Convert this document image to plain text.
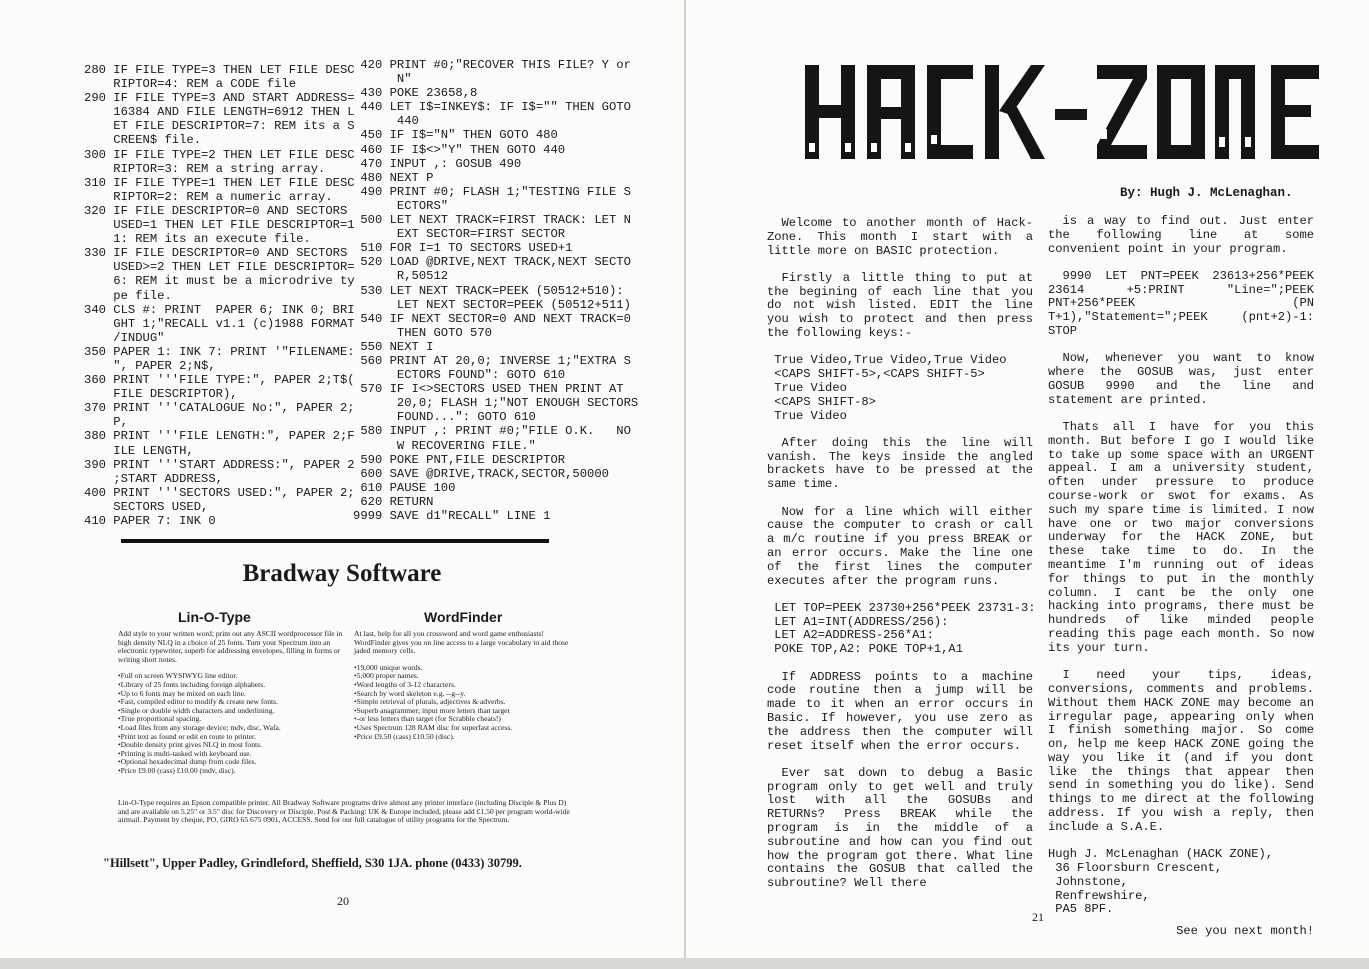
280 IF FILE TYPE=3 THEN LET FILE DESC
RIPTOR=4: REM a CODE file
290 IF FILE TYPE=3 AND START ADDRESS=
16384 AND FILE LENGTH=6912 THEN L
ET FILE DESCRIPTOR=7: REM its a S
CREEN$ file.
300 IF FILE TYPE=2 THEN LET FILE DESC
RIPTOR=3: REM a string array.
310 IF FILE TYPE=1 THEN LET FILE DESC
RIPTOR=2: REM a numeric array.
320 IF FILE DESCRIPTOR=0 AND SECTORS
USED=1 THEN LET FILE DESCRIPTOR=1
1: REM its an execute file.
330 IF FILE DESCRIPTOR=0 AND SECTORS
USED>=2 THEN LET FILE DESCRIPTOR=
6: REM it must be a microdrive ty
pe file.
340 CLS #: PRINT  PAPER 6; INK 0; BRI
GHT 1;"RECALL v1.1 (c)1988 FORMAT
/INDUG"
350 PAPER 1: INK 7: PRINT '"FILENAME:
", PAPER 2;N$,
360 PRINT '''FILE TYPE:", PAPER 2;T$(
FILE DESCRIPTOR),
370 PRINT '''CATALOGUE No:", PAPER 2;
P,
380 PRINT '''FILE LENGTH:", PAPER 2;F
ILE LENGTH,
390 PRINT '''START ADDRESS:", PAPER 2
;START ADDRESS,
400 PRINT '''SECTORS USED:", PAPER 2;
SECTORS USED,
410 PAPER 7: INK 0
420 PRINT #0;"RECOVER THIS FILE? Y or
N"
430 POKE 23658,8
440 LET I$=INKEY$: IF I$="" THEN GOTO
440
450 IF I$="N" THEN GOTO 480
460 IF I$<>"Y" THEN GOTO 440
470 INPUT ,: GOSUB 490
480 NEXT P
490 PRINT #0; FLASH 1;"TESTING FILE S
ECTORS"
500 LET NEXT TRACK=FIRST TRACK: LET N
EXT SECTOR=FIRST SECTOR
510 FOR I=1 TO SECTORS USED+1
520 LOAD @DRIVE,NEXT TRACK,NEXT SECTO
R,50512
530 LET NEXT TRACK=PEEK (50512+510):
LET NEXT SECTOR=PEEK (50512+511)
540 IF NEXT SECTOR=0 AND NEXT TRACK=0
THEN GOTO 570
550 NEXT I
560 PRINT AT 20,0; INVERSE 1;"EXTRA S
ECTORS FOUND": GOTO 610
570 IF I<>SECTORS USED THEN PRINT AT
20,0; FLASH 1;"NOT ENOUGH SECTORS
FOUND...": GOTO 610
580 INPUT ,: PRINT #0;"FILE O.K.   NO
W RECOVERING FILE."
590 POKE PNT,FILE DESCRIPTOR
600 SAVE @DRIVE,TRACK,SECTOR,50000
610 PAUSE 100
620 RETURN
9999 SAVE d1"RECALL" LINE 1
Bradway Software
Lin-O-Type
Add style to your written word; print out any ASCII wordprocessor file in high density NLQ in a choice of 25 fonts. Turn your Spectrum into an electronic typewriter, superb for addressing envelopes, filling in forms or writing short notes.
• Full on screen WYSIWYG line editor.
• Library of 25 fonts including foreign alphabets.
• Up to 6 fonts may be mixed on each line.
• Fast, compiled editor to modify & create new fonts.
• Single or double width characters and underlining.
• True proportional spacing.
• Load files from any storage device; mdv, disc, Wafa.
• Print text as found or edit en route to printer.
• Double density print gives NLQ in most fonts.
• Printing is multi-tasked with keyboard use.
• Optional hexadecimal dump from code files.
• Price £9.00 (cass) £10.00 (mdv, disc).
WordFinder
At last, help for all you crossword and word game enthusiasts! WordFinder gives you on line access to a large vocabulary to aid those jaded memory cells.
• 19,000 unique words.
• 5,000 proper names.
• Word lengths of 3-12 characters.
• Search by word skeleton e.g. --g--y.
• Simple retrieval of plurals, adjectives & adverbs.
• Superb anagrammer; input more letters than target
• -or less letters than target (for Scrabble cheats!)
• Uses Spectrum 128 RAM disc for superfast access.
• Price £9.50 (cass) £10.50 (disc).
Lin-O-Type requires an Epson compatible printer. All Bradway Software programs drive almost any printer interface (including Disciple & Plus D) and are available on 5.25" or 3.5" disc for Discovery or Disciple. Post & Packing: UK & Europe included, please add £1.50 per program world-wide airmail. Payment by cheque, PO, GIRO 65 675 0901, ACCESS. Send for our full catalogue of utility programs for the Spectrum.
"Hillsett", Upper Padley, Grindleford, Sheffield, S30 1JA. phone (0433) 30799.
20
By: Hugh J. McLenaghan.

Welcome to another month of Hack-Zone. This month I start with a little more on BASIC protection.

Firstly a little thing to put at the begining of each line that you do not wish listed. EDIT the line you wish to protect and then press the following keys:-

True Video,True Video,True Video
<CAPS SHIFT-5>,<CAPS SHIFT-5>
True Video
<CAPS SHIFT-8>
True Video

After doing this the line will vanish. The keys inside the angled brackets have to be pressed at the same time.

Now for a line which will either cause the computer to crash or call a m/c routine if you press BREAK or an error occurs. Make the line one of the first lines the computer executes after the program runs.

LET TOP=PEEK 23730+256*PEEK 23731-3:
LET A1=INT(ADDRESS/256):
LET A2=ADDRESS-256*A1:
POKE TOP,A2: POKE TOP+1,A1

If ADDRESS points to a machine code routine then a jump will be made to it when an error occurs in Basic. If however, you use zero as the address then the computer will reset itself when the error occurs.

Ever sat down to debug a Basic program only to get well and truly lost with all the GOSUBs and RETURNs? Press BREAK while the program is in the middle of a subroutine and how can you find out how the program got there. What line contains the GOSUB that called the subroutine? Well there

is a way to find out. Just enter the following line at some convenient point in your program.

9990 LET PNT=PEEK 23613+256*PEEK 23614 +5:PRINT "Line=";PEEK PNT+256*PEEK (PN T+1),"Statement=";PEEK (pnt+2)-1: STOP

Now, whenever you want to know where the GOSUB was, just enter GOSUB 9990 and the line and statement are printed.

Thats all I have for you this month. But before I go I would like to take up some space with an URGENT appeal. I am a university student, often under pressure to produce course-work or swot for exams. As such my spare time is limited. I now have one or two major conversions underway for the HACK ZONE, but these take time to do. In the meantime I'm running out of ideas for things to put in the monthly column. I cant be the only one hacking into programs, there must be hundreds of like minded people reading this page each month. So now its your turn.

I need your tips, ideas, conversions, comments and problems. Without them HACK ZONE may become an irregular page, appearing only when I finish something major. So come on, help me keep HACK ZONE going the way you like it (and if you dont like the things that appear then send in something you do like). Send things to me direct at the following address. If you wish a reply, then include a S.A.E.

Hugh J. McLenaghan (HACK ZONE),
36 Floorsburn Crescent,
Johnstone,
Renfrewshire,
PA5 8PF.

See you next month!

21
